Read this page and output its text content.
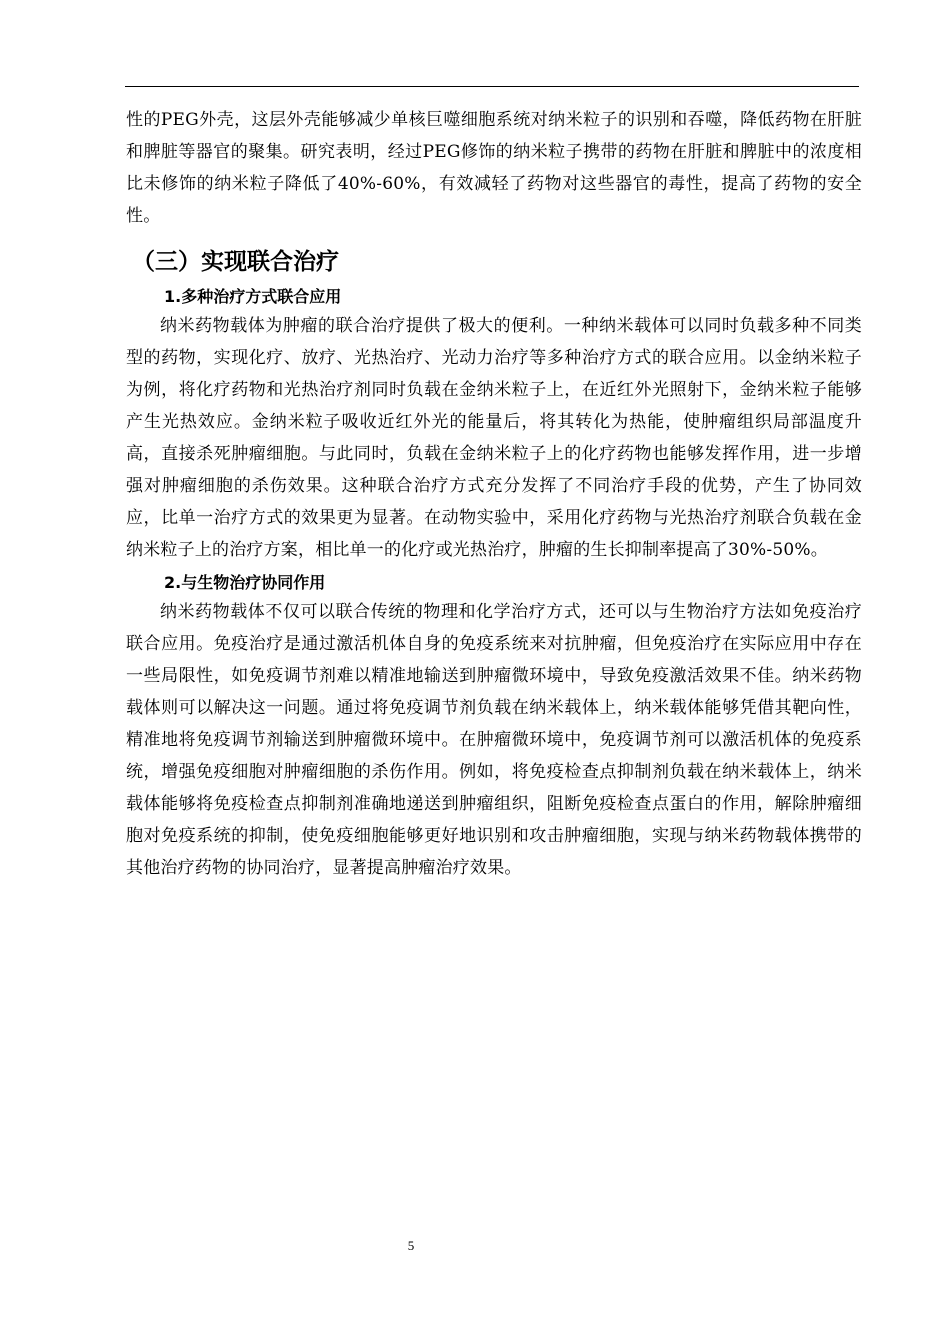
性的PEG外壳，这层外壳能够减少单核巨噬细胞系统对纳米粒子的识别和吞噬，降低药物在肝脏和脾脏等器官的聚集。研究表明，经过PEG修饰的纳米粒子携带的药物在肝脏和脾脏中的浓度相比未修饰的纳米粒子降低了40%-60%，有效减轻了药物对这些器官的毒性，提高了药物的安全性。

（三）实现联合治疗
1.多种治疗方式联合应用

纳米药物载体为肿瘤的联合治疗提供了极大的便利。一种纳米载体可以同时负载多种不同类型的药物，实现化疗、放疗、光热治疗、光动力治疗等多种治疗方式的联合应用。以金纳米粒子为例，将化疗药物和光热治疗剂同时负载在金纳米粒子上，在近红外光照射下，金纳米粒子能够产生光热效应。金纳米粒子吸收近红外光的能量后，将其转化为热能，使肿瘤组织局部温度升高，直接杀死肿瘤细胞。与此同时，负载在金纳米粒子上的化疗药物也能够发挥作用，进一步增强对肿瘤细胞的杀伤效果。这种联合治疗方式充分发挥了不同治疗手段的优势，产生了协同效应，比单一治疗方式的效果更为显著。在动物实验中，采用化疗药物与光热治疗剂联合负载在金纳米粒子上的治疗方案，相比单一的化疗或光热治疗，肿瘤的生长抑制率提高了30%-50%。

2.与生物治疗协同作用

纳米药物载体不仅可以联合传统的物理和化学治疗方式，还可以与生物治疗方法如免疫治疗联合应用。免疫治疗是通过激活机体自身的免疫系统来对抗肿瘤，但免疫治疗在实际应用中存在一些局限性，如免疫调节剂难以精准地输送到肿瘤微环境中，导致免疫激活效果不佳。纳米药物载体则可以解决这一问题。通过将免疫调节剂负载在纳米载体上，纳米载体能够凭借其靶向性，精准地将免疫调节剂输送到肿瘤微环境中。在肿瘤微环境中，免疫调节剂可以激活机体的免疫系统，增强免疫细胞对肿瘤细胞的杀伤作用。例如，将免疫检查点抑制剂负载在纳米载体上，纳米载体能够将免疫检查点抑制剂准确地递送到肿瘤组织，阻断免疫检查点蛋白的作用，解除肿瘤细胞对免疫系统的抑制，使免疫细胞能够更好地识别和攻击肿瘤细胞，实现与纳米药物载体携带的其他治疗药物的协同治疗，显著提高肿瘤治疗效果。

5
